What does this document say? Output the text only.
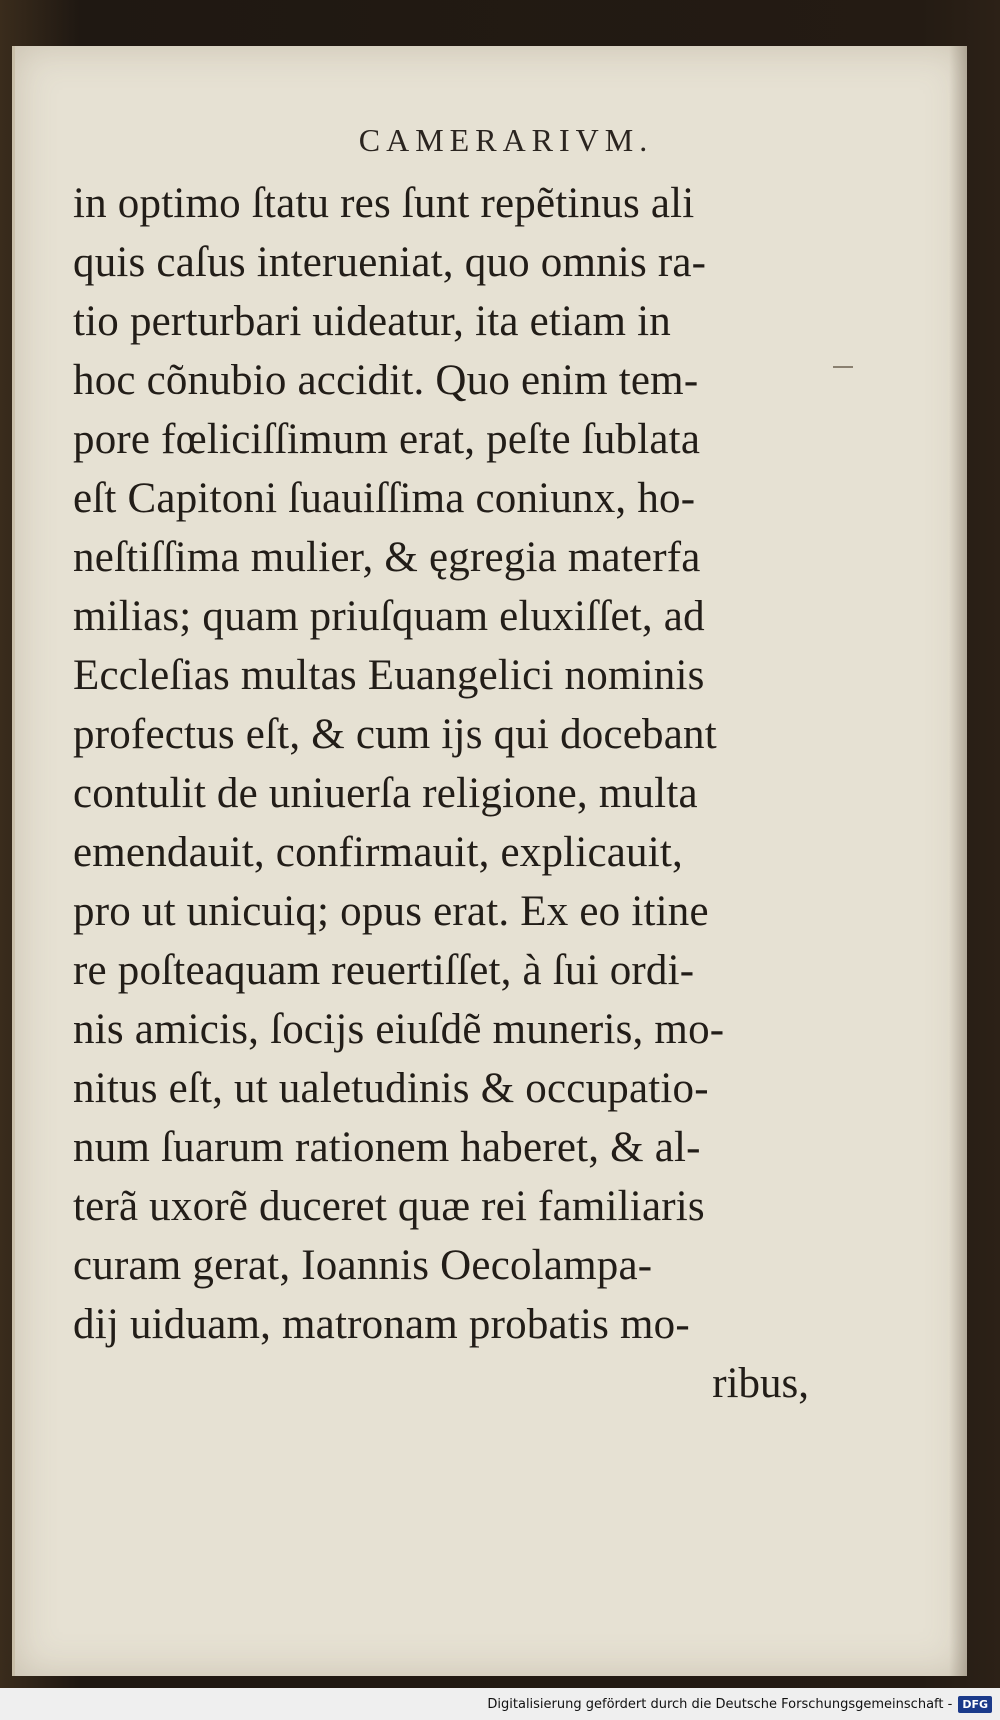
CAMERARIVM.
in optimo ſtatu res ſunt repẽtinus ali
quis caſus interueniat, quo omnis ra-
tio perturbari uideatur, ita etiam in
hoc cõnubio accidit. Quo enim tem-
pore fœliciſſimum erat, peſte ſublata
eſt Capitoni ſuauiſſima coniunx, ho-
neſtiſſima mulier, & ęgregia materfa
milias; quam priuſquam eluxiſſet, ad
Eccleſias multas Euangelici nominis
profectus eſt, & cum ijs qui docebant
contulit de uniuerſa religione, multa
emendauit, confirmauit, explicauit,
pro ut unicuiq; opus erat. Ex eo itine
re poſteaquam reuertiſſet, à ſui ordi-
nis amicis, ſocijs eiuſdẽ muneris, mo-
nitus eſt, ut ualetudinis & occupatio-
num ſuarum rationem haberet, & al-
terã uxorẽ duceret quæ rei familiaris
curam gerat, Ioannis Oecolampa-
dij uiduam, matronam probatis mo-
ribus,
Digitalisierung gefördert durch die Deutsche Forschungsgemeinschaft - DFG
